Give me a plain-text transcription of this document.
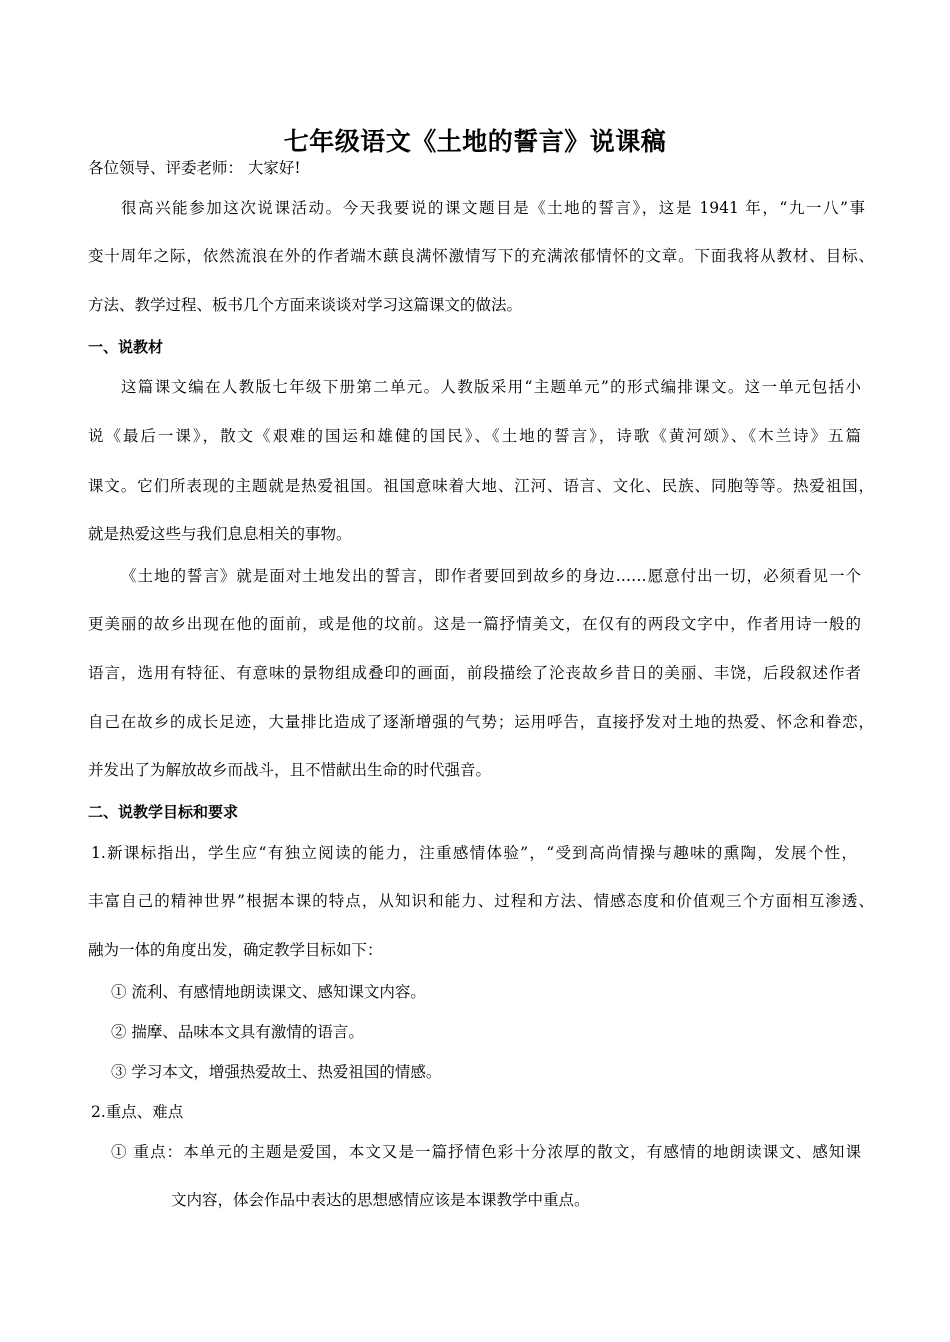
七年级语文《土地的誓言》说课稿
各位领导、评委老师： 大家好!
很高兴能参加这次说课活动。今天我要说的课文题目是《土地的誓言》，这是 1941 年，“九一八”事
变十周年之际，依然流浪在外的作者端木蕻良满怀激情写下的充满浓郁情怀的文章。下面我将从教材、目标、
方法、教学过程、板书几个方面来谈谈对学习这篇课文的做法。
一、说教材
这篇课文编在人教版七年级下册第二单元。人教版采用“主题单元”的形式编排课文。这一单元包括小
说《最后一课》，散文《艰难的国运和雄健的国民》、《土地的誓言》，诗歌《黄河颂》、《木兰诗》五篇
课文。它们所表现的主题就是热爱祖国。祖国意味着大地、江河、语言、文化、民族、同胞等等。热爱祖国，
就是热爱这些与我们息息相关的事物。
《土地的誓言》就是面对土地发出的誓言，即作者要回到故乡的身边……愿意付出一切，必须看见一个
更美丽的故乡出现在他的面前，或是他的坟前。这是一篇抒情美文，在仅有的两段文字中，作者用诗一般的
语言，选用有特征、有意味的景物组成叠印的画面，前段描绘了沦丧故乡昔日的美丽、丰饶，后段叙述作者
自己在故乡的成长足迹，大量排比造成了逐渐增强的气势；运用呼告，直接抒发对土地的热爱、怀念和眷恋，
并发出了为解放故乡而战斗，且不惜献出生命的时代强音。
二、说教学目标和要求
1.新课标指出，学生应“有独立阅读的能力，注重感情体验”，“受到高尚情操与趣味的熏陶，发展个性，
丰富自己的精神世界”根据本课的特点，从知识和能力、过程和方法、情感态度和价值观三个方面相互渗透、
融为一体的角度出发，确定教学目标如下：
① 流利、有感情地朗读课文、感知课文内容。
② 揣摩、品味本文具有激情的语言。
③ 学习本文，增强热爱故土、热爱祖国的情感。
2.重点、难点
① 重点：本单元的主题是爱国，本文又是一篇抒情色彩十分浓厚的散文，有感情的地朗读课文、感知课
文内容，体会作品中表达的思想感情应该是本课教学中重点。
